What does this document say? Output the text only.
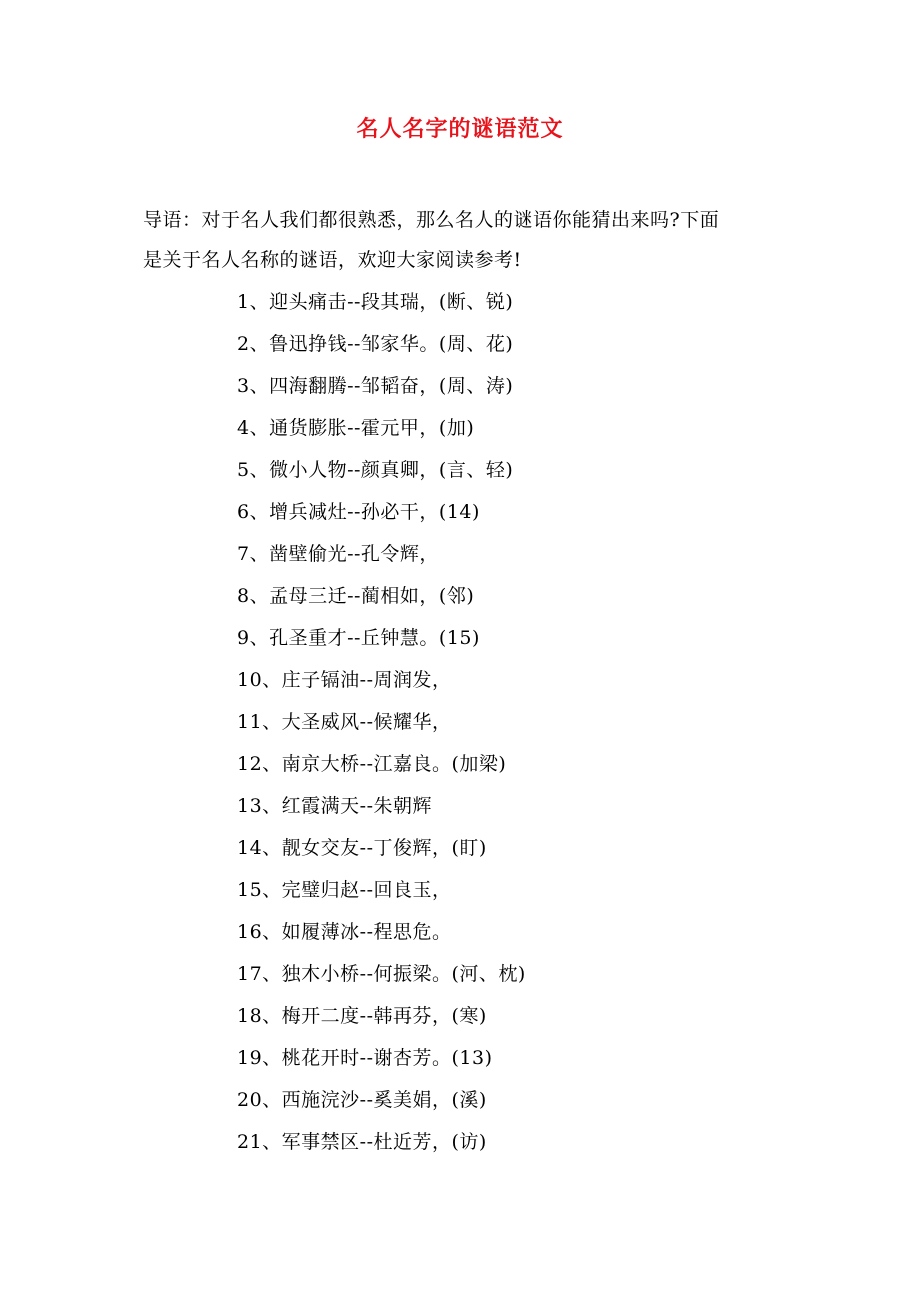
名人名字的谜语范文

导语：对于名人我们都很熟悉，那么名人的谜语你能猜出来吗?下面

是关于名人名称的谜语，欢迎大家阅读参考!

1、迎头痛击--段其瑞，(断、锐)
2、鲁迅挣钱--邹家华。(周、花)
3、四海翻腾--邹韬奋，(周、涛)
4、通货膨胀--霍元甲，(加)
5、微小人物--颜真卿，(言、轻)
6、增兵减灶--孙必干，(14)
7、凿壁偷光--孔令辉，
8、孟母三迁--蔺相如，(邻)
9、孔圣重才--丘钟慧。(15)
10、庄子镉油--周润发，
11、大圣威风--候耀华，
12、南京大桥--江嘉良。(加梁)
13、红霞满天--朱朝辉
14、靓女交友--丁俊辉，(盯)
15、完璧归赵--回良玉，
16、如履薄冰--程思危。
17、独木小桥--何振梁。(河、枕)
18、梅开二度--韩再芬，(寒)
19、桃花开时--谢杏芳。(13)
20、西施浣沙--奚美娟，(溪)
21、军事禁区--杜近芳，(访)
